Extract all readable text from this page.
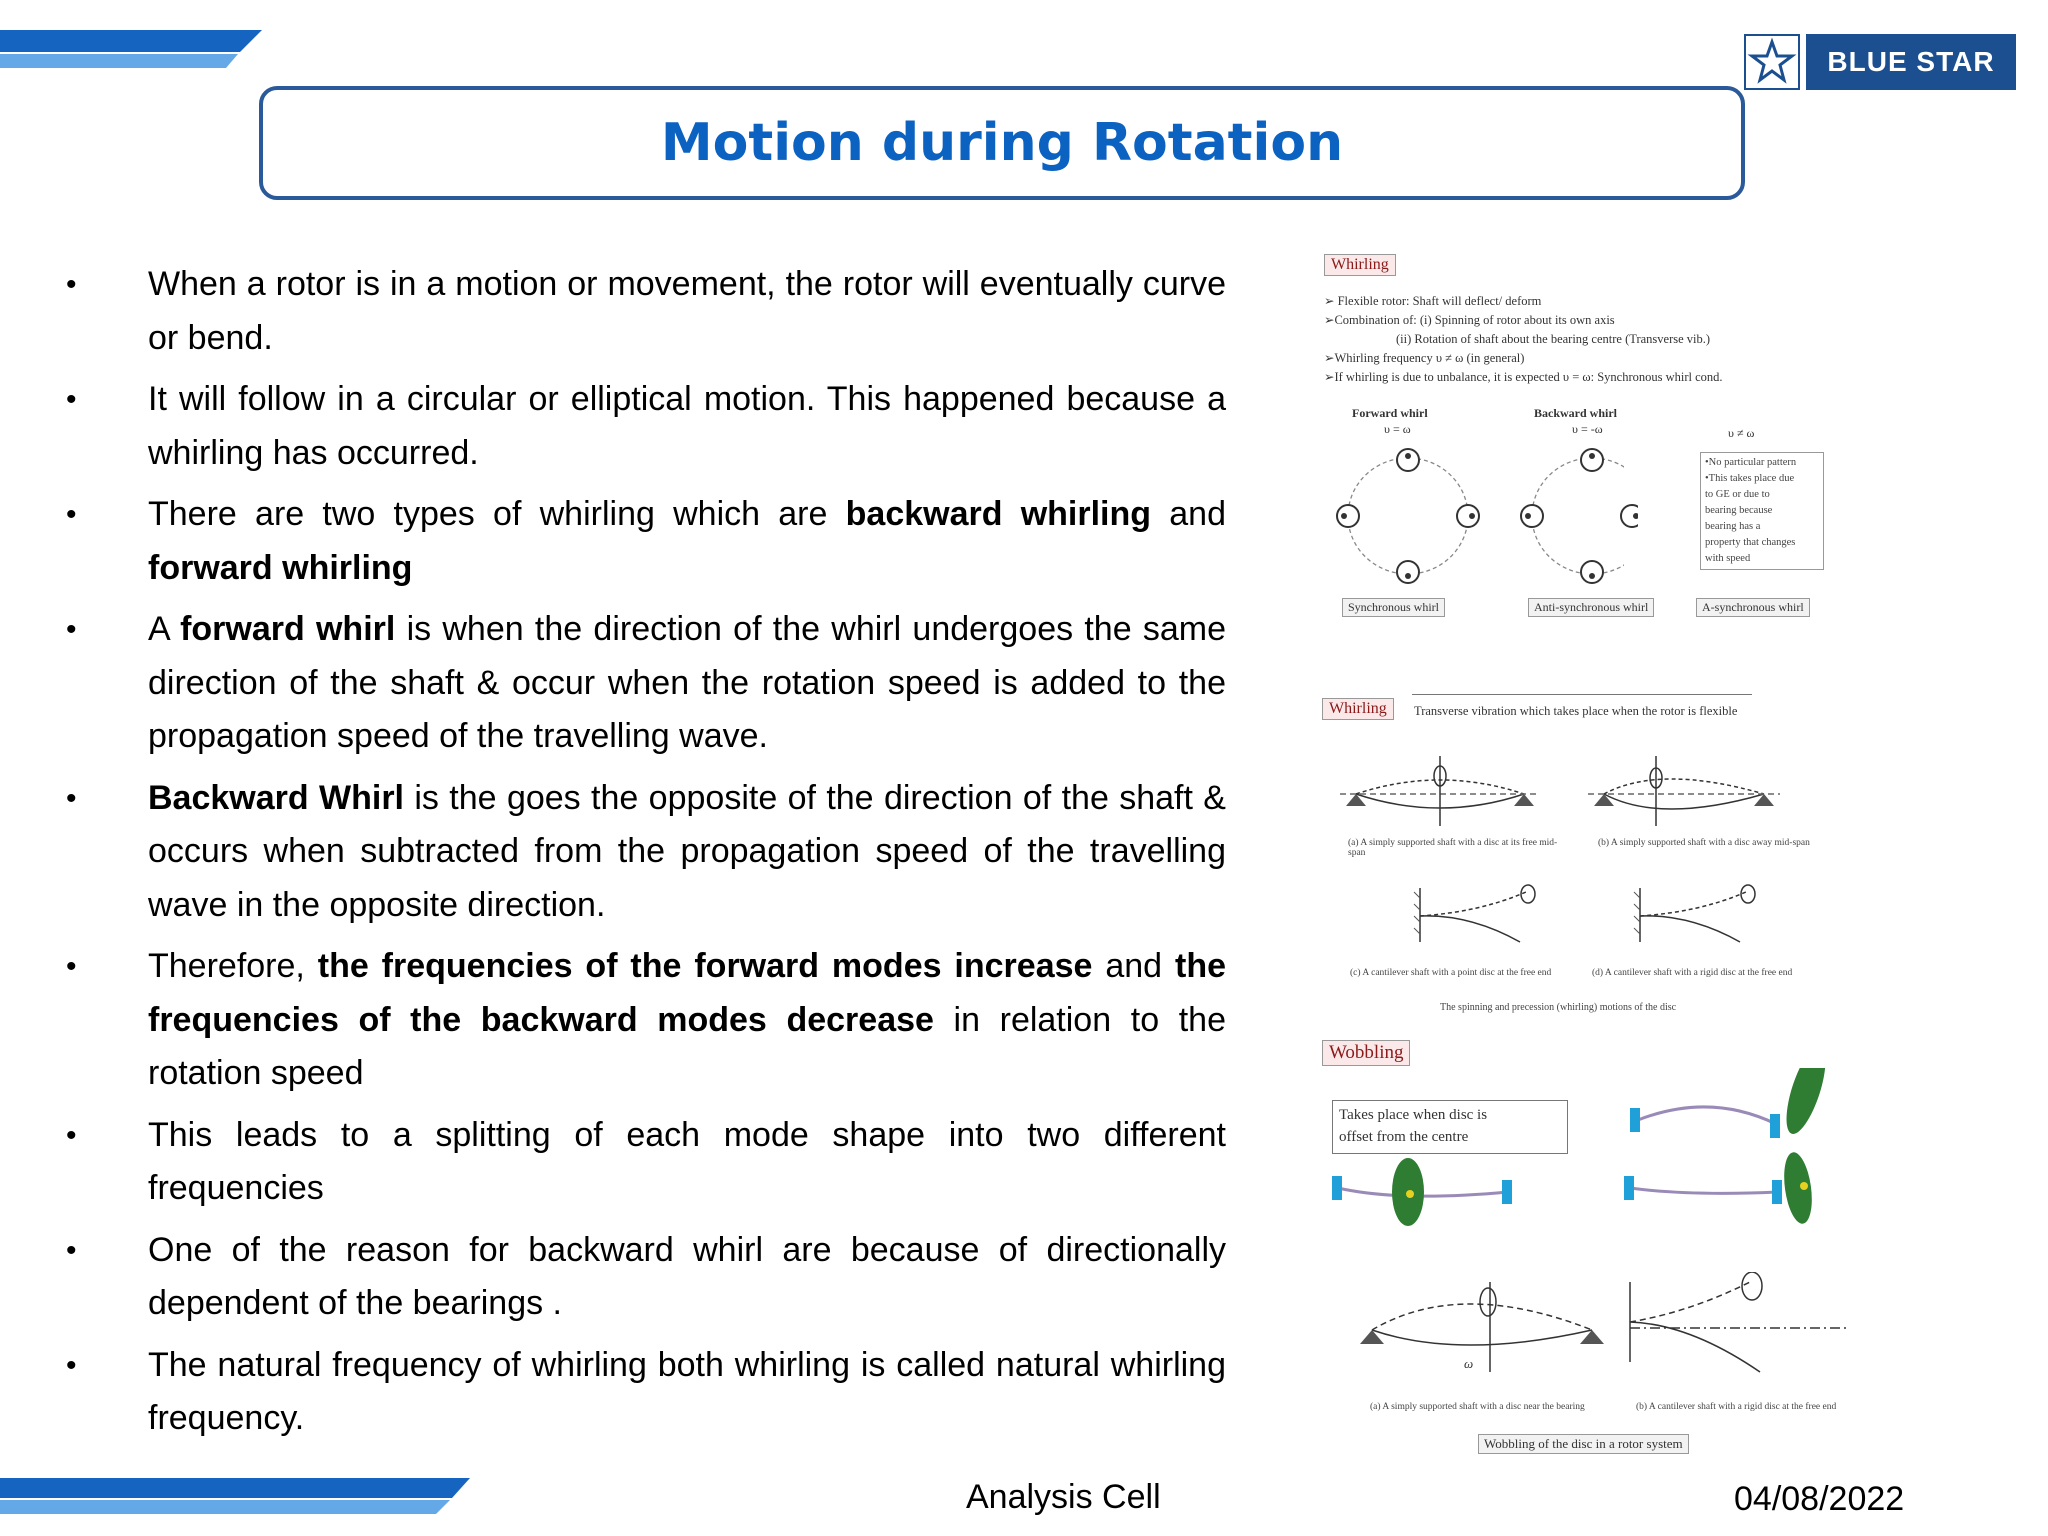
BLUE STAR
Motion during Rotation
• When a rotor is in a motion or movement, the rotor will eventually curve or bend.
• It will follow in a circular or elliptical motion. This happened because a whirling has occurred.
• There are two types of whirling which are backward whirling and forward whirling
• A forward whirl is when the direction of the whirl undergoes the same direction of the shaft & occur when the rotation speed is added to the propagation speed of the travelling wave.
• Backward Whirl is the goes the opposite of the direction of the shaft & occurs when subtracted from the propagation speed of the travelling wave in the opposite direction.
• Therefore, the frequencies of the forward modes increase and the frequencies of the backward modes decrease in relation to the rotation speed
• This leads to a splitting of each mode shape into two different frequencies
• One of the reason for backward whirl are because of directionally dependent of the bearings .
• The natural frequency of whirling both whirling is called natural whirling frequency.
Analysis Cell	04/08/2022
Whirling
➢ Flexible rotor: Shaft will deflect/ deform
➢Combination of: (i) Spinning of rotor about its own axis
(ii) Rotation of shaft about the bearing centre (Transverse vib.)
➢Whirling frequency υ ≠ ω (in general)
➢If whirling is due to unbalance, it is expected υ = ω: Synchronous whirl cond.
Forward whirl
υ = ω
Backward whirl
υ = -ω	υ ≠ ω
•No particular pattern
•This takes place due
to GE or due to
bearing because
bearing has a
property that changes
with speed
Synchronous whirl	Anti-synchronous whirl	A-synchronous whirl
Whirling	Transverse vibration which takes place when the rotor is flexible
(a) A simply supported shaft with a disc at its free mid-span
(b) A simply supported shaft with a disc away mid-span
(c) A cantilever shaft with a point disc at the free end	(d) A cantilever shaft with a rigid disc at the free end
The spinning and precession (whirling) motions of the disc
Wobbling
Takes place when disc is
offset from the centre
ω
(a) A simply supported shaft with a disc near the bearing	(b) A cantilever shaft with a rigid disc at the free end
Wobbling of the disc in a rotor system
